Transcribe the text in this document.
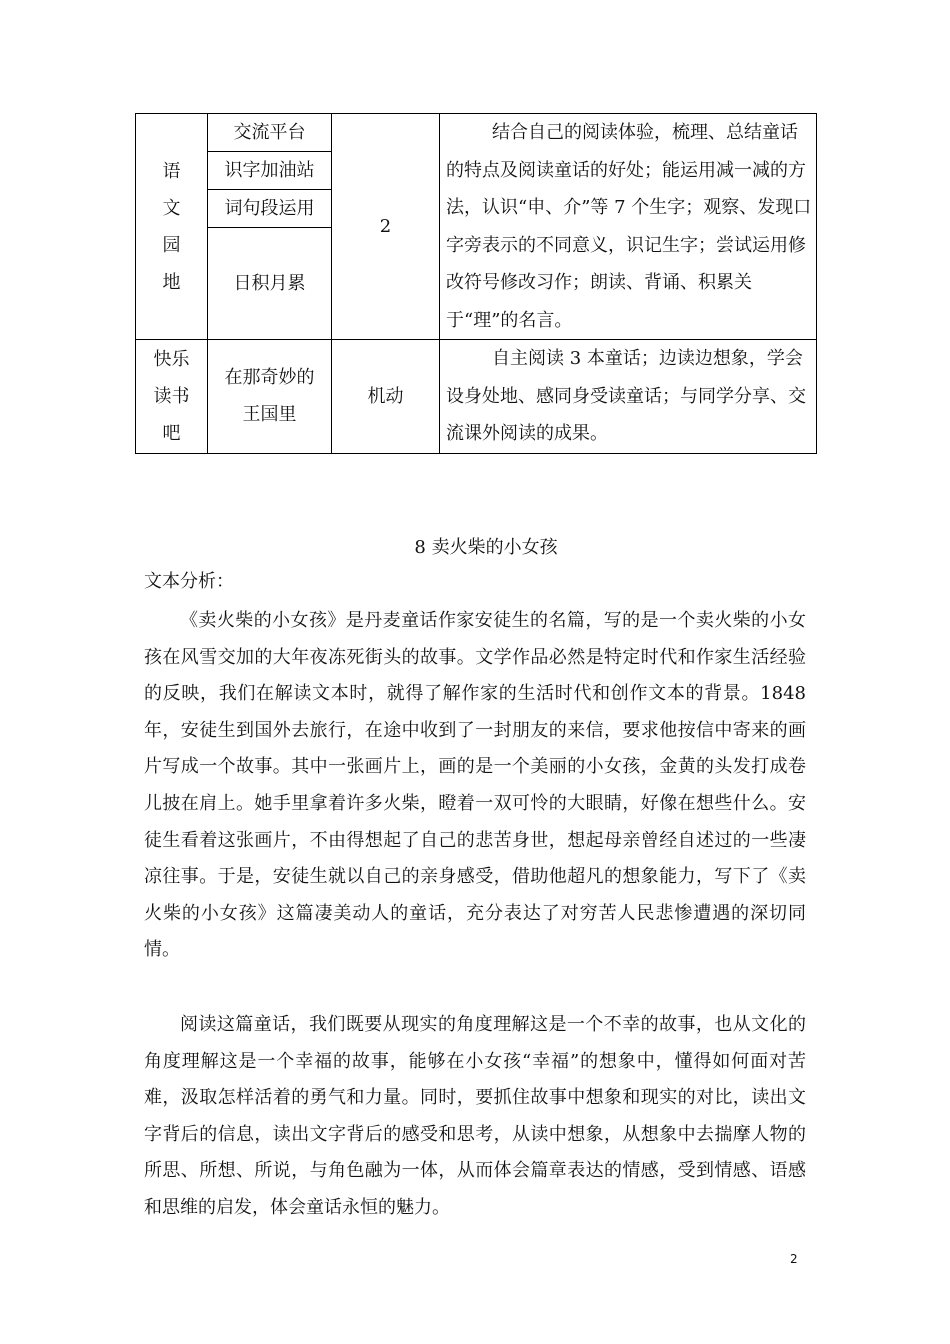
语
文
园
地	交流平台	2	结合自己的阅读体验，梳理、总结童话的特点及阅读童话的好处；能运用减一减的方法，认识“申、介”等 7 个生字；观察、发现口字旁表示的不同意义，识记生字；尝试运用修改符号修改习作；朗读、背诵、积累关于“理”的名言。
	识字加油站		
	词句段运用		
	日积月累		

快乐
读书
吧	在那奇妙的
王国里	机动	自主阅读 3 本童话；边读边想象，学会设身处地、感同身受读童话；与同学分享、交流课外阅读的成果。
8 卖火柴的小女孩
文本分析：

《卖火柴的小女孩》是丹麦童话作家安徒生的名篇，写的是一个卖火柴的小女孩在风雪交加的大年夜冻死街头的故事。文学作品必然是特定时代和作家生活经验的反映，我们在解读文本时，就得了解作家的生活时代和创作文本的背景。1848 年，安徒生到国外去旅行，在途中收到了一封朋友的来信，要求他按信中寄来的画片写成一个故事。其中一张画片上，画的是一个美丽的小女孩，金黄的头发打成卷儿披在肩上。她手里拿着许多火柴，瞪着一双可怜的大眼睛，好像在想些什么。安徒生看着这张画片，不由得想起了自己的悲苦身世，想起母亲曾经自述过的一些凄凉往事。于是，安徒生就以自己的亲身感受，借助他超凡的想象能力，写下了《卖火柴的小女孩》这篇凄美动人的童话，充分表达了对穷苦人民悲惨遭遇的深切同情。

阅读这篇童话，我们既要从现实的角度理解这是一个不幸的故事，也从文化的角度理解这是一个幸福的故事，能够在小女孩“幸福”的想象中，懂得如何面对苦难，汲取怎样活着的勇气和力量。同时，要抓住故事中想象和现实的对比，读出文字背后的信息，读出文字背后的感受和思考，从读中想象，从想象中去揣摩人物的所思、所想、所说，与角色融为一体，从而体会篇章表达的情感，受到情感、语感和思维的启发，体会童话永恒的魅力。

2
